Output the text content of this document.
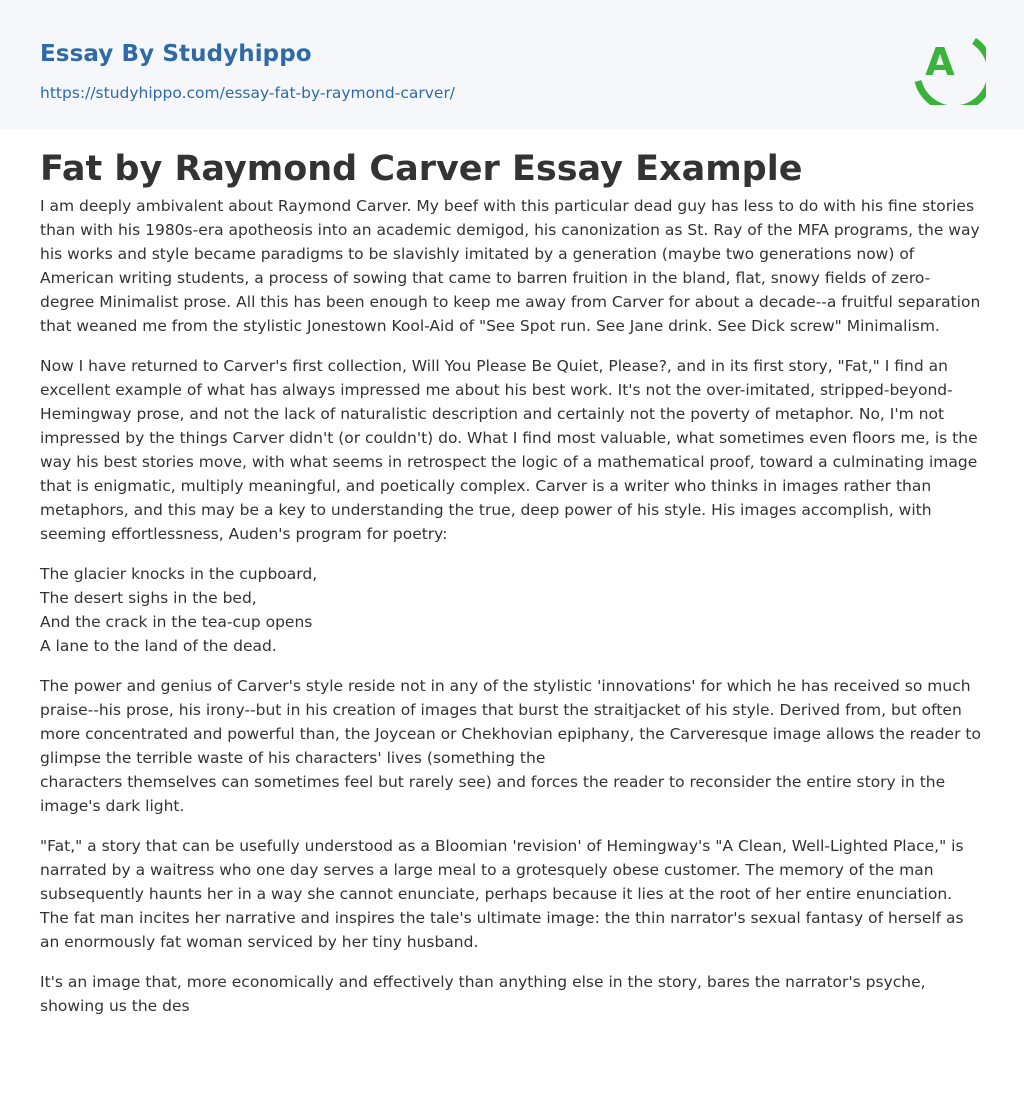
Essay By Studyhippo
https://studyhippo.com/essay-fat-by-raymond-carver/
A
Fat by Raymond Carver Essay Example

I am deeply ambivalent about Raymond Carver. My beef with this particular dead guy has less to do with his fine stories than with his 1980s-era apotheosis into an academic demigod, his canonization as St. Ray of the MFA programs, the way his works and style became paradigms to be slavishly imitated by a generation (maybe two generations now) of American writing students, a process of sowing that came to barren fruition in the bland, flat, snowy fields of zero-degree Minimalist prose. All this has been enough to keep me away from Carver for about a decade--a fruitful separation that weaned me from the stylistic Jonestown Kool-Aid of "See Spot run. See Jane drink. See Dick screw" Minimalism.

Now I have returned to Carver's first collection, Will You Please Be Quiet, Please?, and in its first story, "Fat," I find an excellent example of what has always impressed me about his best work. It's not the over-imitated, stripped-beyond-Hemingway prose, and not the lack of naturalistic description and certainly not the poverty of metaphor. No, I'm not impressed by the things Carver didn't (or couldn't) do. What I find most valuable, what sometimes even floors me, is the way his best stories move, with what seems in retrospect the logic of a mathematical proof, toward a culminating image that is enigmatic, multiply meaningful, and poetically complex. Carver is a writer who thinks in images rather than metaphors, and this may be a key to understanding the true, deep power of his style. His images accomplish, with seeming effortlessness, Auden's program for poetry:

The glacier knocks in the cupboard,
The desert sighs in the bed,
And the crack in the tea-cup opens
A lane to the land of the dead.

The power and genius of Carver's style reside not in any of the stylistic 'innovations' for which he has received so much praise--his prose, his irony--but in his creation of images that burst the straitjacket of his style. Derived from, but often more concentrated and powerful than, the Joycean or Chekhovian epiphany, the Carveresque image allows the reader to glimpse the terrible waste of his characters' lives (something the
characters themselves can sometimes feel but rarely see) and forces the reader to reconsider the entire story in the image's dark light.

"Fat," a story that can be usefully understood as a Bloomian 'revision' of Hemingway's "A Clean, Well-Lighted Place," is narrated by a waitress who one day serves a large meal to a grotesquely obese customer. The memory of the man subsequently haunts her in a way she cannot enunciate, perhaps because it lies at the root of her entire enunciation. The fat man incites her narrative and inspires the tale's ultimate image: the thin narrator's sexual fantasy of herself as an enormously fat woman serviced by her tiny husband.

It's an image that, more economically and effectively than anything else in the story, bares the narrator's psyche, showing us the des
